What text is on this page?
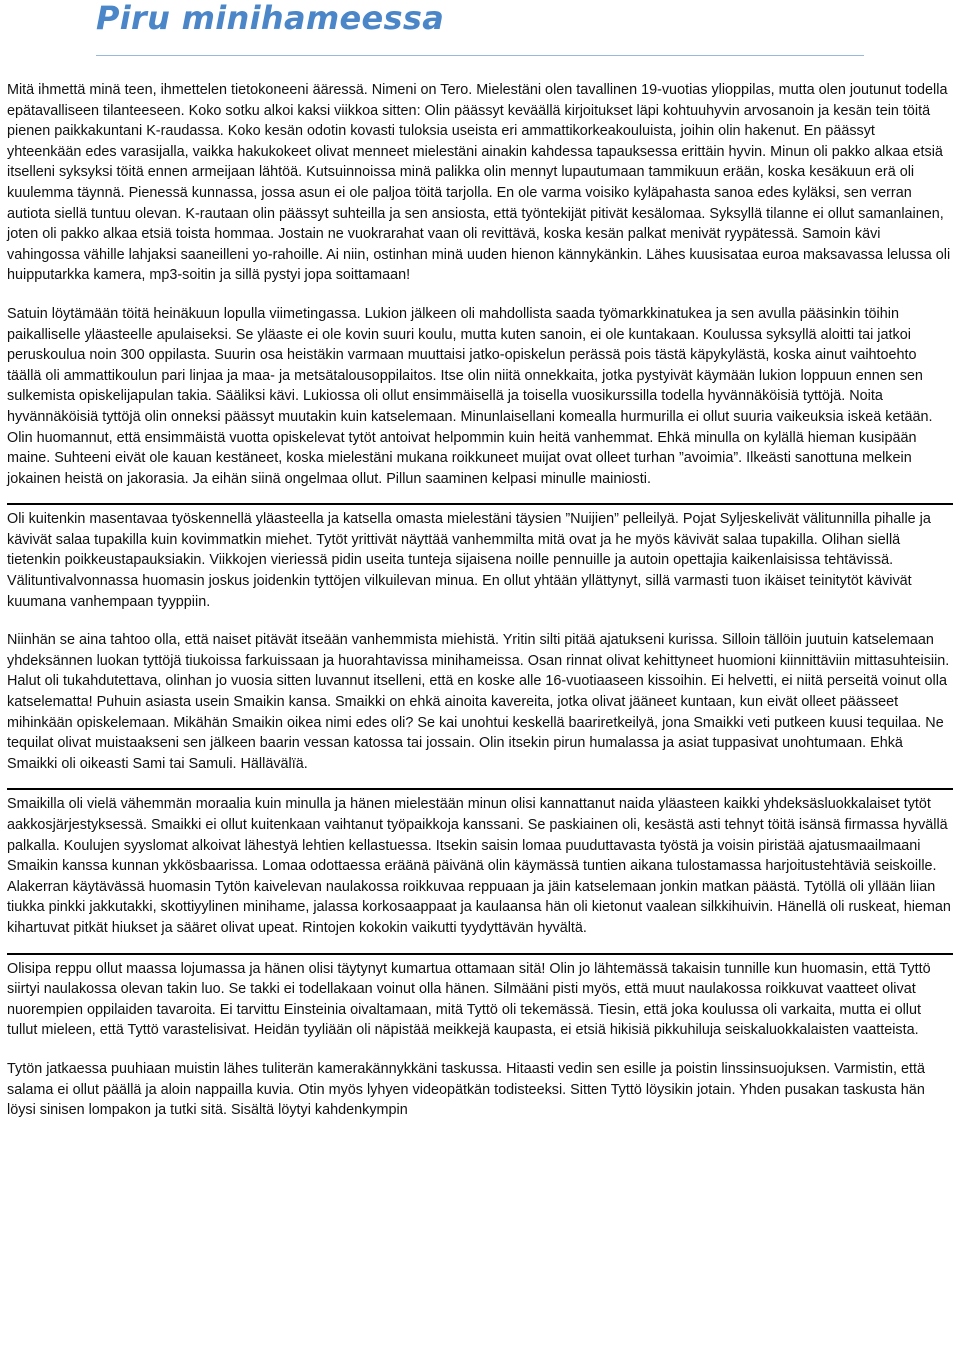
Piru minihameessa

Mitä ihmettä minä teen, ihmettelen tietokoneeni ääressä. Nimeni on Tero. Mielestäni olen tavallinen 19-vuotias ylioppilas, mutta olen joutunut todella epätavalliseen tilanteeseen. Koko sotku alkoi kaksi viikkoa sitten: Olin päässyt keväällä kirjoitukset läpi kohtuuhyvin arvosanoin ja kesän tein töitä pienen paikkakuntani K-raudassa. Koko kesän odotin kovasti tuloksia useista eri ammattikorkeakouluista, joihin olin hakenut. En päässyt yhteenkään edes varasijalla, vaikka hakukokeet olivat menneet mielestäni ainakin kahdessa tapauksessa erittäin hyvin. Minun oli pakko alkaa etsiä itselleni syksyksi töitä ennen armeijaan lähtöä. Kutsuinnoissa minä palikka olin mennyt lupautumaan tammikuun erään, koska kesäkuun erä oli kuulemma täynnä. Pienessä kunnassa, jossa asun ei ole paljoa töitä tarjolla. En ole varma voisiko kyläpahasta sanoa edes kyläksi, sen verran autiota siellä tuntuu olevan. K-rautaan olin päässyt suhteilla ja sen ansiosta, että työntekijät pitivät kesälomaa. Syksyllä tilanne ei ollut samanlainen, joten oli pakko alkaa etsiä toista hommaa. Jostain ne vuokrarahat vaan oli revittävä, koska kesän palkat menivät ryypätessä. Samoin kävi vahingossa vähille lahjaksi saaneilleni yo-rahoille. Ai niin, ostinhan minä uuden hienon kännykänkin. Lähes kuusisataa euroa maksavassa lelussa oli huipputarkka kamera, mp3-soitin ja sillä pystyi jopa soittamaan!

Satuin löytämään töitä heinäkuun lopulla viimetingassa. Lukion jälkeen oli mahdollista saada työmarkkinatukea ja sen avulla pääsinkin töihin paikalliselle yläasteelle apulaiseksi. Se yläaste ei ole kovin suuri koulu, mutta kuten sanoin, ei ole kuntakaan. Koulussa syksyllä aloitti tai jatkoi peruskoulua noin 300 oppilasta. Suurin osa heistäkin varmaan muuttaisi jatko-opiskelun perässä pois tästä käpykylästä, koska ainut vaihtoehto täällä oli ammattikoulun pari linjaa ja maa- ja metsätalousoppilaitos. Itse olin niitä onnekkaita, jotka pystyivät käymään lukion loppuun ennen sen sulkemista opiskelijapulan takia. Sääliksi kävi. Lukiossa oli ollut ensimmäisellä ja toisella vuosikurssilla todella hyvännäköisiä tyttöjä. Noita hyvännäköisiä tyttöjä olin onneksi päässyt muutakin kuin katselemaan. Minunlaisellani komealla hurmurilla ei ollut suuria vaikeuksia iskeä ketään. Olin huomannut, että ensimmäistä vuotta opiskelevat tytöt antoivat helpommin kuin heitä vanhemmat. Ehkä minulla on kylällä hieman kusipään maine. Suhteeni eivät ole kauan kestäneet, koska mielestäni mukana roikkuneet muijat ovat olleet turhan ”avoimia”. Ilkeästi sanottuna melkein jokainen heistä on jakorasia. Ja eihän siinä ongelmaa ollut. Pillun saaminen kelpasi minulle mainiosti.

Oli kuitenkin masentavaa työskennellä yläasteella ja katsella omasta mielestäni täysien ”Nuijien” pelleilyä. Pojat Syljeskelivät välitunnilla pihalle ja kävivät salaa tupakilla kuin kovimmatkin miehet. Tytöt yrittivät näyttää vanhemmilta mitä ovat ja he myös kävivät salaa tupakilla. Olihan siellä tietenkin poikkeustapauksiakin. Viikkojen vieriessä pidin useita tunteja sijaisena noille pennuille ja autoin opettajia kaikenlaisissa tehtävissä. Välituntivalvonnassa huomasin joskus joidenkin tyttöjen vilkuilevan minua. En ollut yhtään yllättynyt, sillä varmasti tuon ikäiset teinitytöt kävivät kuumana vanhempaan tyyppiin.

Niinhän se aina tahtoo olla, että naiset pitävät itseään vanhemmista miehistä. Yritin silti pitää ajatukseni kurissa. Silloin tällöin juutuin katselemaan yhdeksännen luokan tyttöjä tiukoissa farkuissaan ja huorahtavissa minihameissa. Osan rinnat olivat kehittyneet huomioni kiinnittäviin mittasuhteisiin. Halut oli tukahdutettava, olinhan jo vuosia sitten luvannut itselleni, että en koske alle 16-vuotiaaseen kissoihin. Ei helvetti, ei niitä perseitä voinut olla katselematta! Puhuin asiasta usein Smaikin kansa. Smaikki on ehkä ainoita kavereita, jotka olivat jääneet kuntaan, kun eivät olleet päässeet mihinkään opiskelemaan. Mikähän Smaikin oikea nimi edes oli? Se kai unohtui keskellä baariretkeilyä, jona Smaikki veti putkeen kuusi tequilaa. Ne tequilat olivat muistaakseni sen jälkeen baarin vessan katossa tai jossain. Olin itsekin pirun humalassa ja asiat tuppasivat unohtumaan. Ehkä Smaikki oli oikeasti Sami tai Samuli. Hällävälïä.

Smaikilla oli vielä vähemmän moraalia kuin minulla ja hänen mielestään minun olisi kannattanut naida yläasteen kaikki yhdeksäsluokkalaiset tytöt aakkosjärjestyksessä. Smaikki ei ollut kuitenkaan vaihtanut työpaikkoja kanssani. Se paskiainen oli, kesästä asti tehnyt töitä isänsä firmassa hyvällä palkalla. Koulujen syyslomat alkoivat lähestyä lehtien kellastuessa. Itsekin saisin lomaa puuduttavasta työstä ja voisin piristää ajatusmaailmaani Smaikin kanssa kunnan ykkösbaarissa. Lomaa odottaessa eräänä päivänä olin käymässä tuntien aikana tulostamassa harjoitustehtäviä seiskoille. Alakerran käytävässä huomasin Tytön kaivelevan naulakossa roikkuvaa reppuaan ja jäin katselemaan jonkin matkan päästä. Tytöllä oli yllään liian tiukka pinkki jakkutakki, skottiyylinen minihame, jalassa korkosaappaat ja kaulaansa hän oli kietonut vaalean silkkihuivin. Hänellä oli ruskeat, hieman kihartuvat pitkät hiukset ja sääret olivat upeat. Rintojen kokokin vaikutti tyydyttävän hyvältä.

Olisipa reppu ollut maassa lojumassa ja hänen olisi täytynyt kumartua ottamaan sitä! Olin jo lähtemässä takaisin tunnille kun huomasin, että Tyttö siirtyi naulakossa olevan takin luo. Se takki ei todellakaan voinut olla hänen. Silmääni pisti myös, että muut naulakossa roikkuvat vaatteet olivat nuorempien oppilaiden tavaroita. Ei tarvittu Einsteinia oivaltamaan, mitä Tyttö oli tekemässä. Tiesin, että joka koulussa oli varkaita, mutta ei ollut tullut mieleen, että Tyttö varastelisivat. Heidän tyyliään oli näpistää meikkejä kaupasta, ei etsiä hikisiä pikkuhiluja seiskaluokkalaisten vaatteista.

Tytön jatkaessa puuhiaan muistin lähes tuliterän kamerakännykkäni taskussa. Hitaasti vedin sen esille ja poistin linssinsuojuksen. Varmistin, että salama ei ollut päällä ja aloin nappailla kuvia. Otin myös lyhyen videopätkän todisteeksi. Sitten Tyttö löysikin jotain. Yhden pusakan taskusta hän löysi sinisen lompakon ja tutki sitä. Sisältä löytyi kahdenkympin
